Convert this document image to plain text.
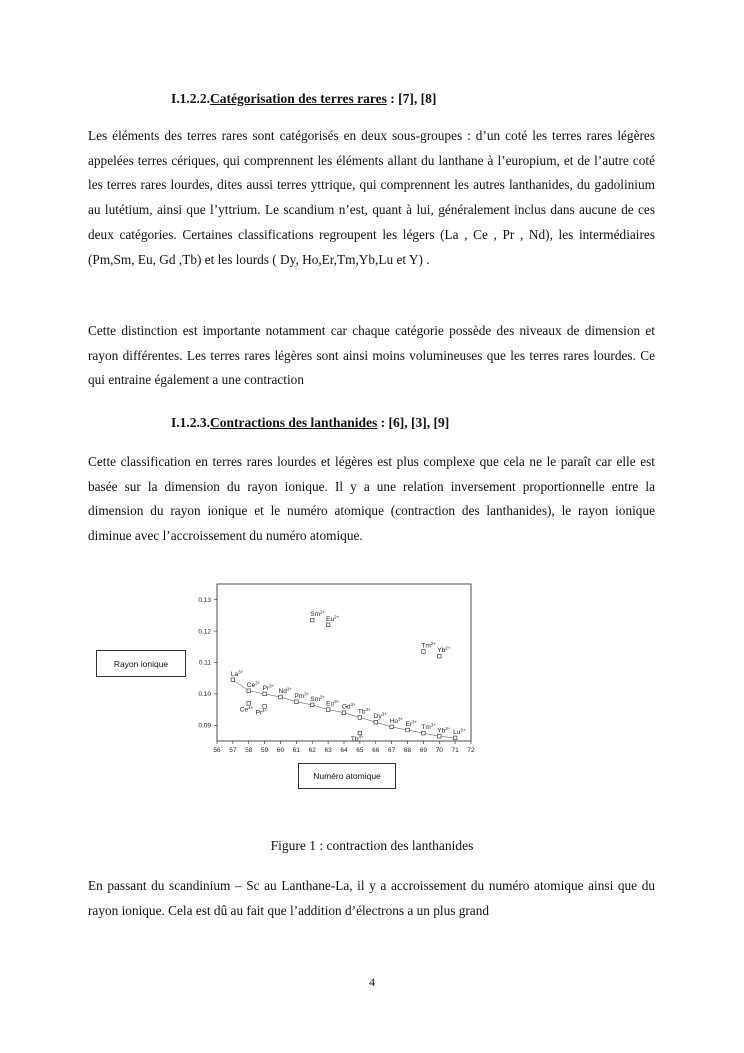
I.1.2.2.Catégorisation des terres rares : [7], [8]

Les éléments des terres rares sont catégorisés en deux sous-groupes : d’un coté les terres rares légères appelées terres cériques, qui comprennent les éléments allant du lanthane à l’europium, et de l’autre coté les terres rares lourdes, dites aussi terres yttrique, qui comprennent les autres lanthanides, du gadolinium au lutétium, ainsi que l’yttrium. Le scandium n’est, quant à lui, généralement inclus dans aucune de ces deux catégories. Certaines classifications regroupent les légers (La , Ce , Pr , Nd), les intermédiaires (Pm,Sm, Eu, Gd ,Tb) et les lourds ( Dy, Ho,Er,Tm,Yb,Lu et Y) .

Cette distinction est importante notamment car chaque catégorie possède des niveaux de dimension et rayon différentes. Les terres rares légères sont ainsi moins volumineuses que les terres rares lourdes. Ce qui entraine également a une contraction

I.1.2.3.Contractions des lanthanides : [6], [3], [9]

Cette classification en terres rares lourdes et légères est plus complexe que cela ne le paraît car elle est basée sur la dimension du rayon ionique. Il y a une relation inversement proportionnelle entre la dimension du rayon ionique et le numéro atomique (contraction des lanthanides), le rayon ionique diminue avec l’accroissement du numéro atomique.

56 57 58 59 60 61 62 63 64 65 66 67 68 69 70 71 72
0.09
0.10
0.11
0.12
0.13
$La^{3+}$
$Ce^{3+}$
$Pr^{3+}$
$Nd^{3+}$
$Pm^{3+}$
$Sm^{3+}$
$Eu^{3+}$
$Gd^{3+}$
$Tb^{3+}$
$Dy^{3+}$
$Ho^{3+}$
$Er^{3+}$
$Tm^{3+}$
$Yb^{3+}$
$Lu^{3+}$
$Ce^{4+}$
$Pr^{4+}$
$Tb^{4+}$
$Sm^{2+}$
$Eu^{2+}$
$Tm^{2+}$
$Yb^{2+}$
Rayon ionique
Numéro atomique
Figure 1 : contraction des lanthanides

En passant du scandinium – Sc au Lanthane-La, il y a accroissement du numéro atomique ainsi que du rayon ionique. Cela est dû au fait que l’addition d’électrons a un plus grand

4
